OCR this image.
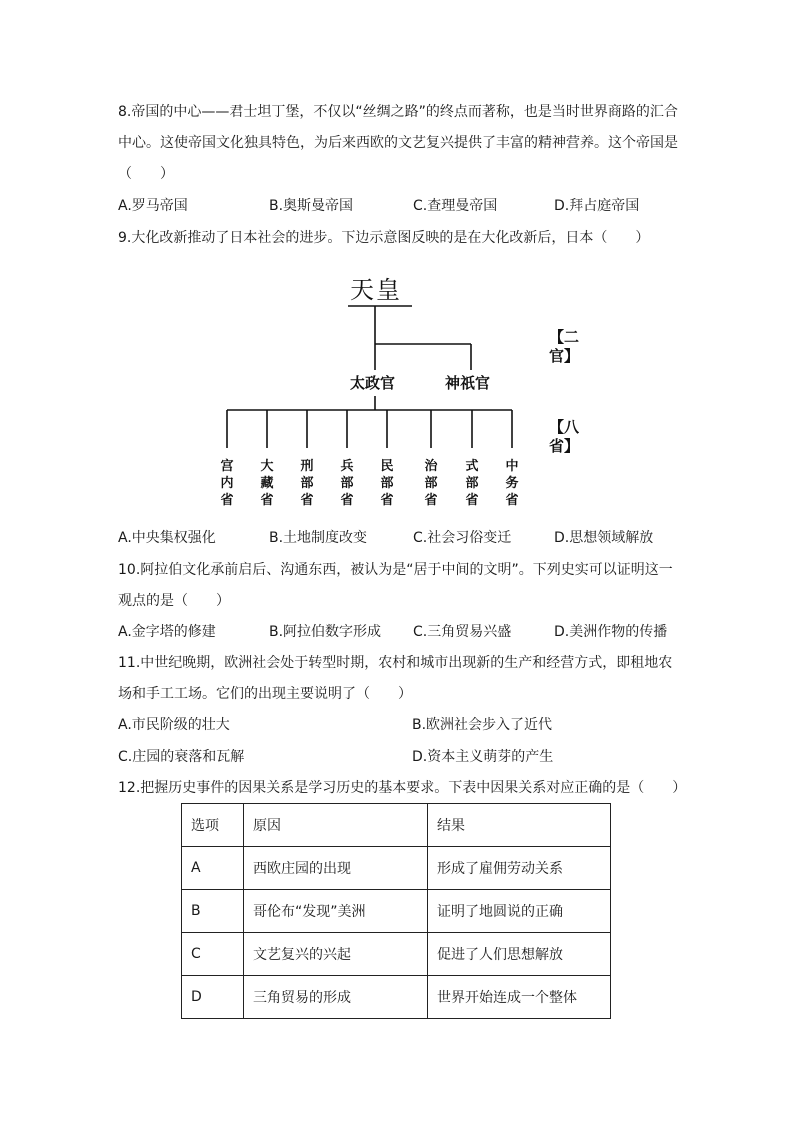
8.帝国的中心——君士坦丁堡，不仅以“丝绸之路”的终点而著称，也是当时世界商路的汇合
中心。这使帝国文化独具特色，为后来西欧的文艺复兴提供了丰富的精神营养。这个帝国是
（　　）
A.罗马帝国	B.奥斯曼帝国	C.查理曼帝国	D.拜占庭帝国
9.大化改新推动了日本社会的进步。下边示意图反映的是在大化改新后，日本（　　）
天皇
太政官	神祇官
【二官】
【八省】
宫内省
大藏省
刑部省
兵部省
民部省
治部省
式部省
中务省
A.中央集权强化	B.土地制度改变	C.社会习俗变迁	D.思想领域解放
10.阿拉伯文化承前启后、沟通东西，被认为是“居于中间的文明”。下列史实可以证明这一
观点的是（　　）
A.金字塔的修建	B.阿拉伯数字形成 C.三角贸易兴盛	D.美洲作物的传播
11.中世纪晚期，欧洲社会处于转型时期，农村和城市出现新的生产和经营方式，即租地农
场和手工工场。它们的出现主要说明了（　　）
A.市民阶级的壮大	B.欧洲社会步入了近代
C.庄园的衰落和瓦解	D.资本主义萌芽的产生
12.把握历史事件的因果关系是学习历史的基本要求。下表中因果关系对应正确的是（　　）
选项	原因	结果
A	西欧庄园的出现	形成了雇佣劳动关系
B	哥伦布“发现”美洲	证明了地圆说的正确
C	文艺复兴的兴起	促进了人们思想解放
D	三角贸易的形成	世界开始连成一个整体
